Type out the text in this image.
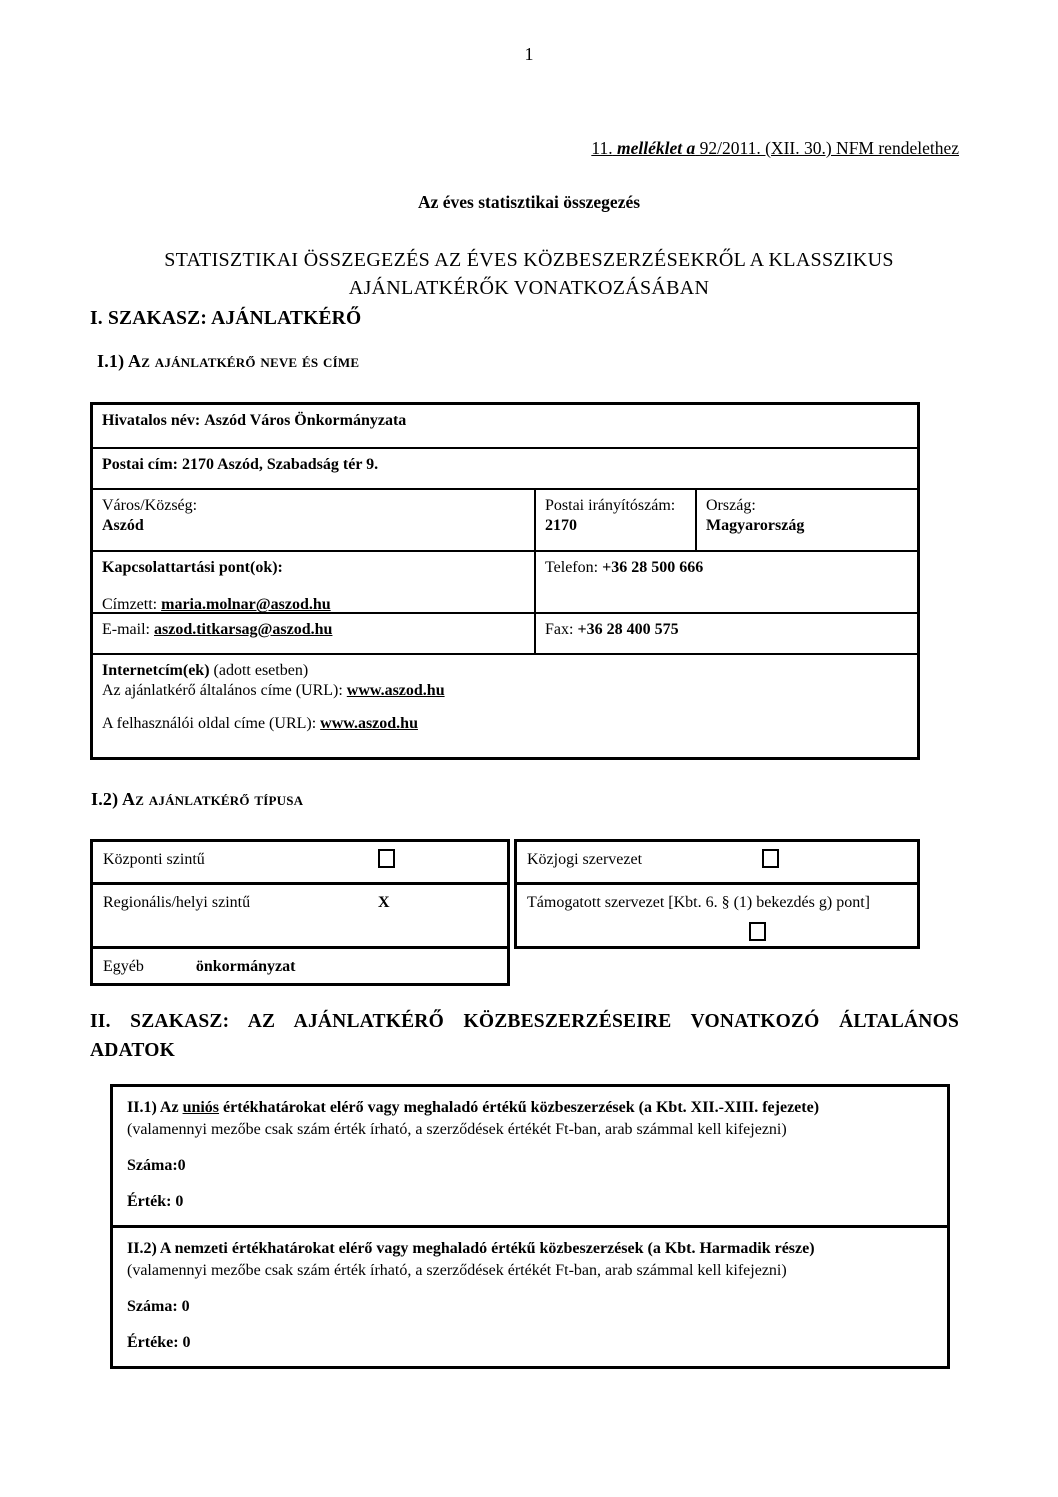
1
11. melléklet a 92/2011. (XII. 30.) NFM rendelethez
Az éves statisztikai összegezés
STATISZTIKAI ÖSSZEGEZÉS AZ ÉVES KÖZBESZERZÉSEKRŐL A KLASSZIKUS AJÁNLATKÉRŐK VONATKOZÁSÁBAN
I. SZAKASZ: AJÁNLATKÉRŐ
I.1) Az ajánlatkérő neve és címe
Hivatalos név: Aszód Város Önkormányzata
Postai cím: 2170 Aszód, Szabadság tér 9.
Város/Község:
Aszód
Postai irányítószám:
2170
Ország:
Magyarország
Kapcsolattartási pont(ok):
Címzett: maria.molnar@aszod.hu
Telefon: +36 28 500 666
E-mail: aszod.titkarsag@aszod.hu	Fax: +36 28 400 575
Internetcím(ek) (adott esetben)
Az ajánlatkérő általános címe (URL): www.aszod.hu
A felhasználói oldal címe (URL): www.aszod.hu
I.2) Az ajánlatkérő típusa
Központi szintű
Regionális/helyi szintű	X
Egyéb	önkormányzat
Közjogi szervezet
Támogatott szervezet [Kbt. 6. § (1) bekezdés g) pont]
II. SZAKASZ: AZ AJÁNLATKÉRŐ KÖZBESZERZÉSEIRE VONATKOZÓ ÁLTALÁNOS ADATOK
II.1) Az uniós értékhatárokat elérő vagy meghaladó értékű közbeszerzések (a Kbt. XII.-XIII. fejezete)
(valamennyi mezőbe csak szám érték írható, a szerződések értékét Ft-ban, arab számmal kell kifejezni)
Száma:0
Érték: 0
II.2) A nemzeti értékhatárokat elérő vagy meghaladó értékű közbeszerzések (a Kbt. Harmadik része)
(valamennyi mezőbe csak szám érték írható, a szerződések értékét Ft-ban, arab számmal kell kifejezni)
Száma: 0
Értéke: 0
